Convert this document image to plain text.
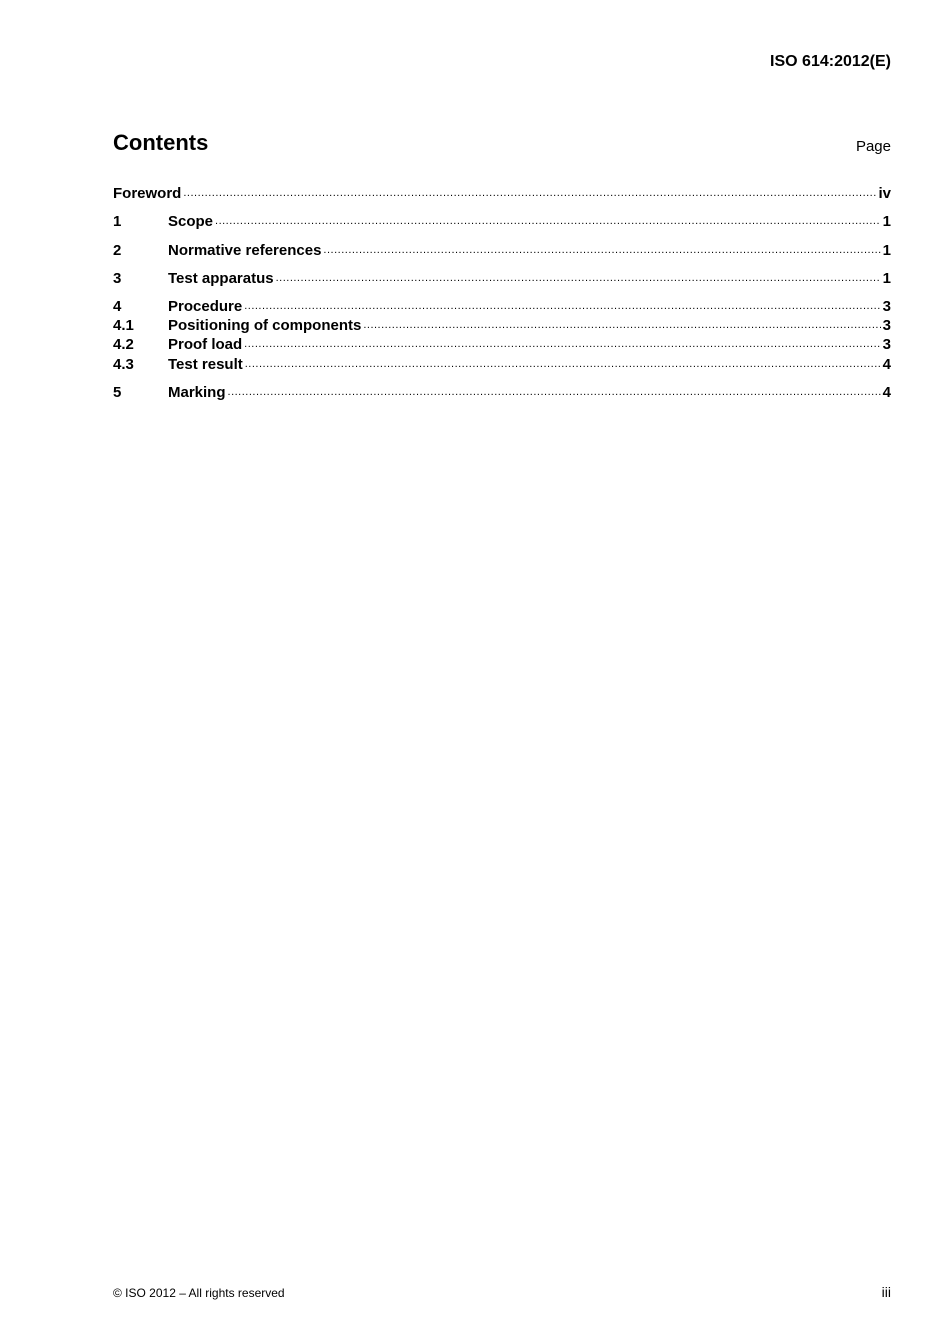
ISO 614:2012(E)
Contents	Page
Foreword .....	iv
1	Scope .....	1
2	Normative references .....	1
3	Test apparatus .....	1
4	Procedure .....	3
4.1	Positioning of components .....	3
4.2	Proof load .....	3
4.3	Test result .....	4
5	Marking .....	4
© ISO 2012 – All rights reserved	iii
